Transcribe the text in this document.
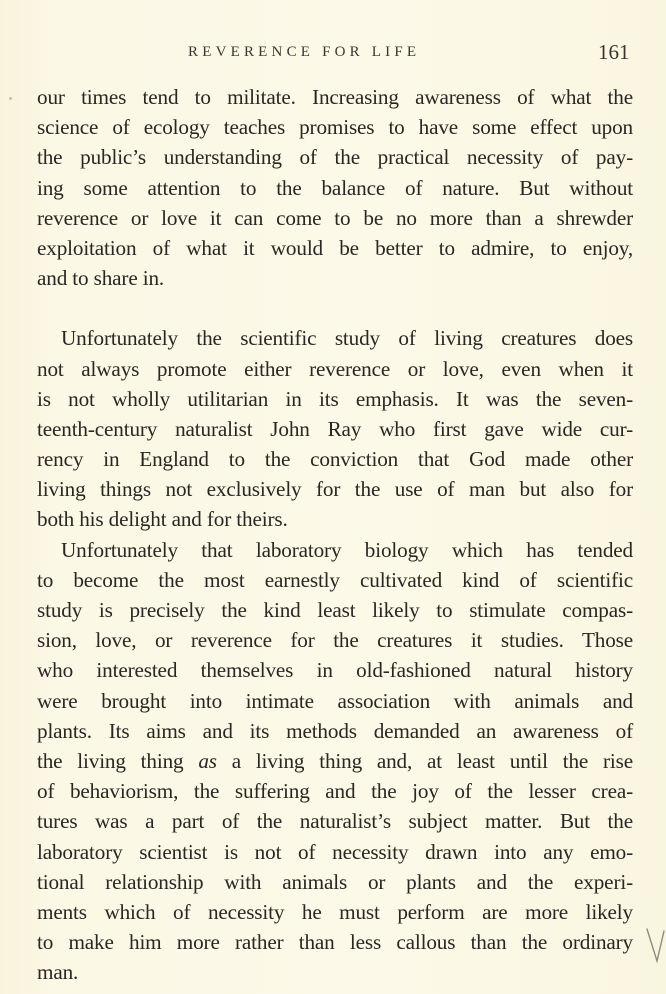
REVERENCE FOR LIFE	161
our times tend to militate. Increasing awareness of what the
science of ecology teaches promises to have some effect upon
the public’s understanding of the practical necessity of pay-
ing some attention to the balance of nature. But without
reverence or love it can come to be no more than a shrewder
exploitation of what it would be better to admire, to enjoy,
and to share in.
Unfortunately the scientific study of living creatures does
not always promote either reverence or love, even when it
is not wholly utilitarian in its emphasis. It was the seven-
teenth-century naturalist John Ray who first gave wide cur-
rency in England to the conviction that God made other
living things not exclusively for the use of man but also for
both his delight and for theirs.
Unfortunately that laboratory biology which has tended
to become the most earnestly cultivated kind of scientific
study is precisely the kind least likely to stimulate compas-
sion, love, or reverence for the creatures it studies. Those
who interested themselves in old-fashioned natural history
were brought into intimate association with animals and
plants. Its aims and its methods demanded an awareness of
the living thing as a living thing and, at least until the rise
of behaviorism, the suffering and the joy of the lesser crea-
tures was a part of the naturalist’s subject matter. But the
laboratory scientist is not of necessity drawn into any emo-
tional relationship with animals or plants and the experi-
ments which of necessity he must perform are more likely
to make him more rather than less callous than the ordinary
man.
